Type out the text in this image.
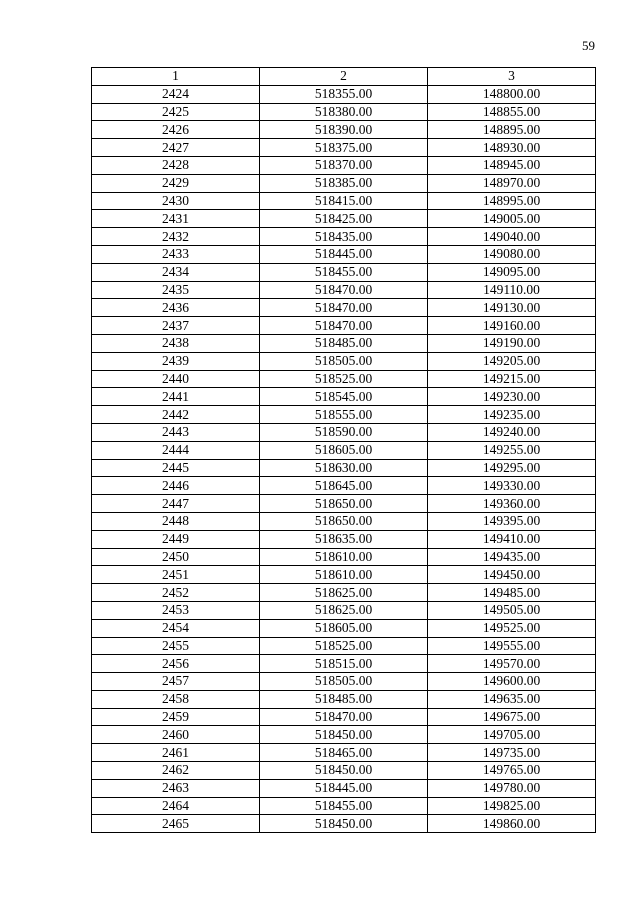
59
1	2	3
2424	518355.00	148800.00
2425	518380.00	148855.00
2426	518390.00	148895.00
2427	518375.00	148930.00
2428	518370.00	148945.00
2429	518385.00	148970.00
2430	518415.00	148995.00
2431	518425.00	149005.00
2432	518435.00	149040.00
2433	518445.00	149080.00
2434	518455.00	149095.00
2435	518470.00	149110.00
2436	518470.00	149130.00
2437	518470.00	149160.00
2438	518485.00	149190.00
2439	518505.00	149205.00
2440	518525.00	149215.00
2441	518545.00	149230.00
2442	518555.00	149235.00
2443	518590.00	149240.00
2444	518605.00	149255.00
2445	518630.00	149295.00
2446	518645.00	149330.00
2447	518650.00	149360.00
2448	518650.00	149395.00
2449	518635.00	149410.00
2450	518610.00	149435.00
2451	518610.00	149450.00
2452	518625.00	149485.00
2453	518625.00	149505.00
2454	518605.00	149525.00
2455	518525.00	149555.00
2456	518515.00	149570.00
2457	518505.00	149600.00
2458	518485.00	149635.00
2459	518470.00	149675.00
2460	518450.00	149705.00
2461	518465.00	149735.00
2462	518450.00	149765.00
2463	518445.00	149780.00
2464	518455.00	149825.00
2465	518450.00	149860.00
